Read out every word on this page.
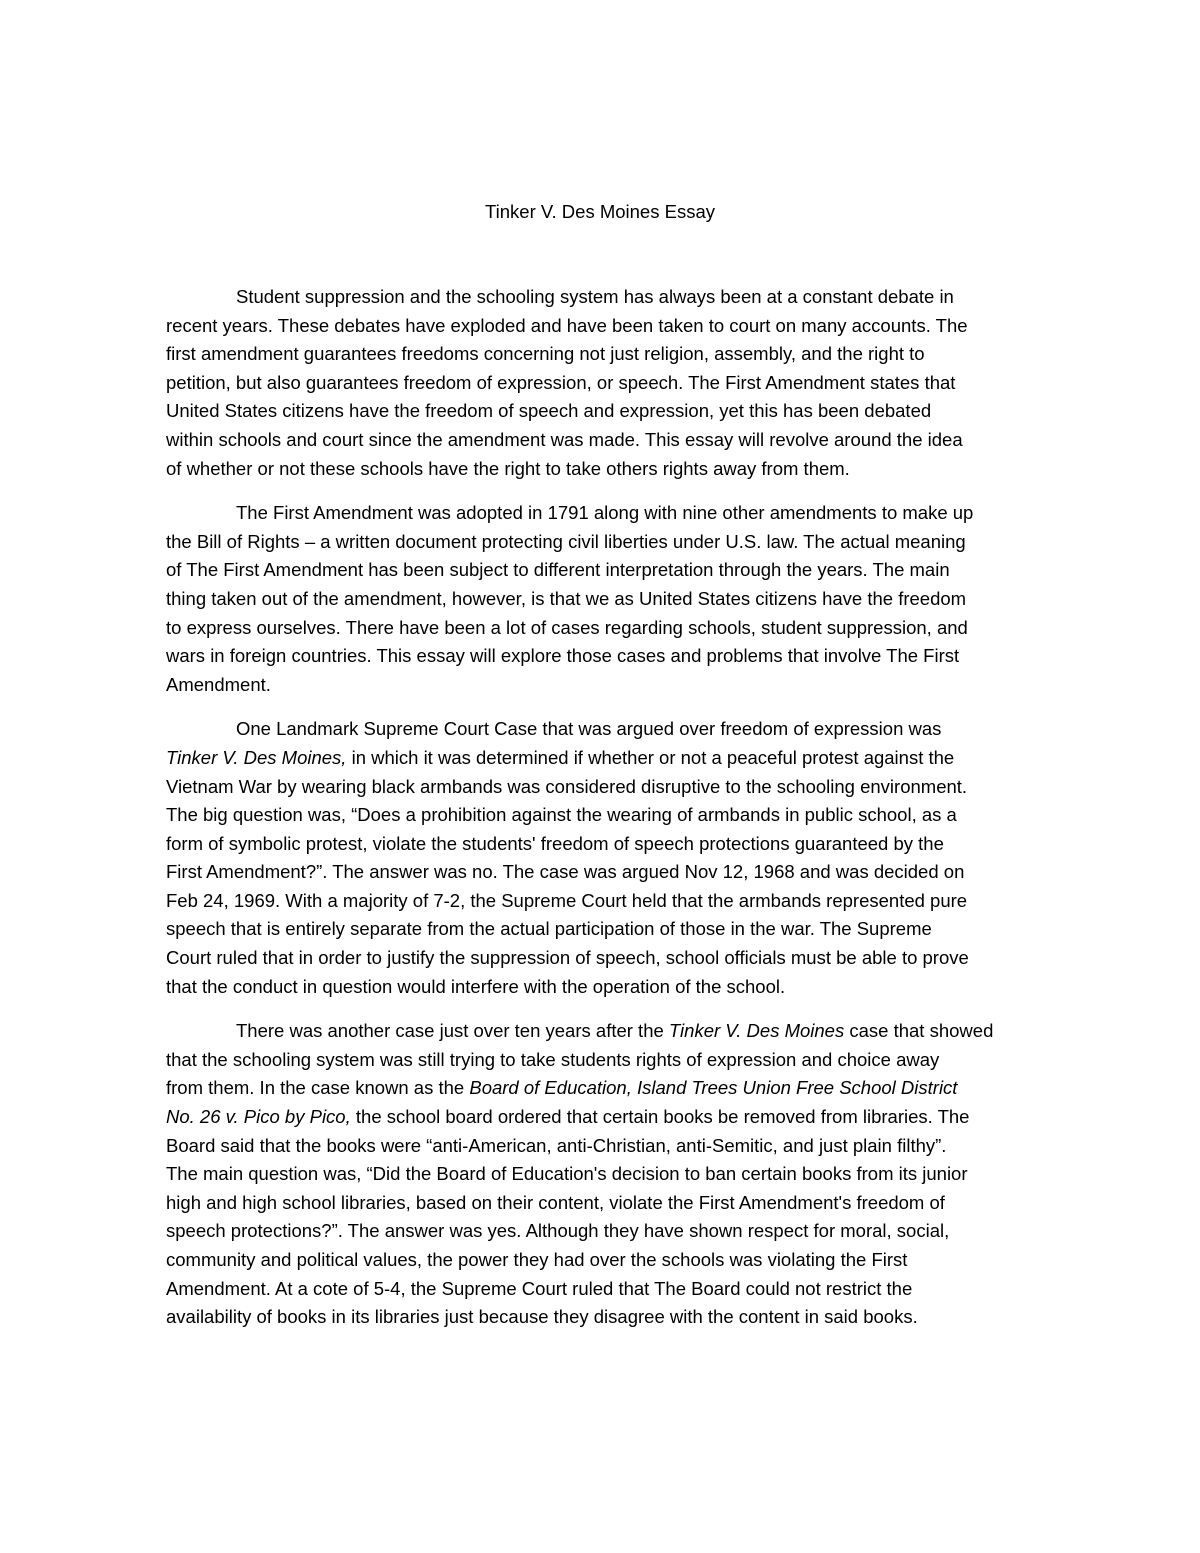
Tinker V. Des Moines Essay

Student suppression and the schooling system has always been at a constant debate in
recent years. These debates have exploded and have been taken to court on many accounts. The
first amendment guarantees freedoms concerning not just religion, assembly, and the right to
petition, but also guarantees freedom of expression, or speech. The First Amendment states that
United States citizens have the freedom of speech and expression, yet this has been debated
within schools and court since the amendment was made. This essay will revolve around the idea
of whether or not these schools have the right to take others rights away from them.

The First Amendment was adopted in 1791 along with nine other amendments to make up
the Bill of Rights – a written document protecting civil liberties under U.S. law. The actual meaning
of The First Amendment has been subject to different interpretation through the years. The main
thing taken out of the amendment, however, is that we as United States citizens have the freedom
to express ourselves. There have been a lot of cases regarding schools, student suppression, and
wars in foreign countries. This essay will explore those cases and problems that involve The First
Amendment.

One Landmark Supreme Court Case that was argued over freedom of expression was
Tinker V. Des Moines, in which it was determined if whether or not a peaceful protest against the
Vietnam War by wearing black armbands was considered disruptive to the schooling environment.
The big question was, “Does a prohibition against the wearing of armbands in public school, as a
form of symbolic protest, violate the students' freedom of speech protections guaranteed by the
First Amendment?”. The answer was no. The case was argued Nov 12, 1968 and was decided on
Feb 24, 1969. With a majority of 7-2, the Supreme Court held that the armbands represented pure
speech that is entirely separate from the actual participation of those in the war. The Supreme
Court ruled that in order to justify the suppression of speech, school officials must be able to prove
that the conduct in question would interfere with the operation of the school.

There was another case just over ten years after the Tinker V. Des Moines case that showed
that the schooling system was still trying to take students rights of expression and choice away
from them. In the case known as the Board of Education, Island Trees Union Free School District
No. 26 v. Pico by Pico, the school board ordered that certain books be removed from libraries. The
Board said that the books were “anti-American, anti-Christian, anti-Semitic, and just plain filthy”.
The main question was, “Did the Board of Education's decision to ban certain books from its junior
high and high school libraries, based on their content, violate the First Amendment's freedom of
speech protections?”. The answer was yes. Although they have shown respect for moral, social,
community and political values, the power they had over the schools was violating the First
Amendment. At a cote of 5-4, the Supreme Court ruled that The Board could not restrict the
availability of books in its libraries just because they disagree with the content in said books.
